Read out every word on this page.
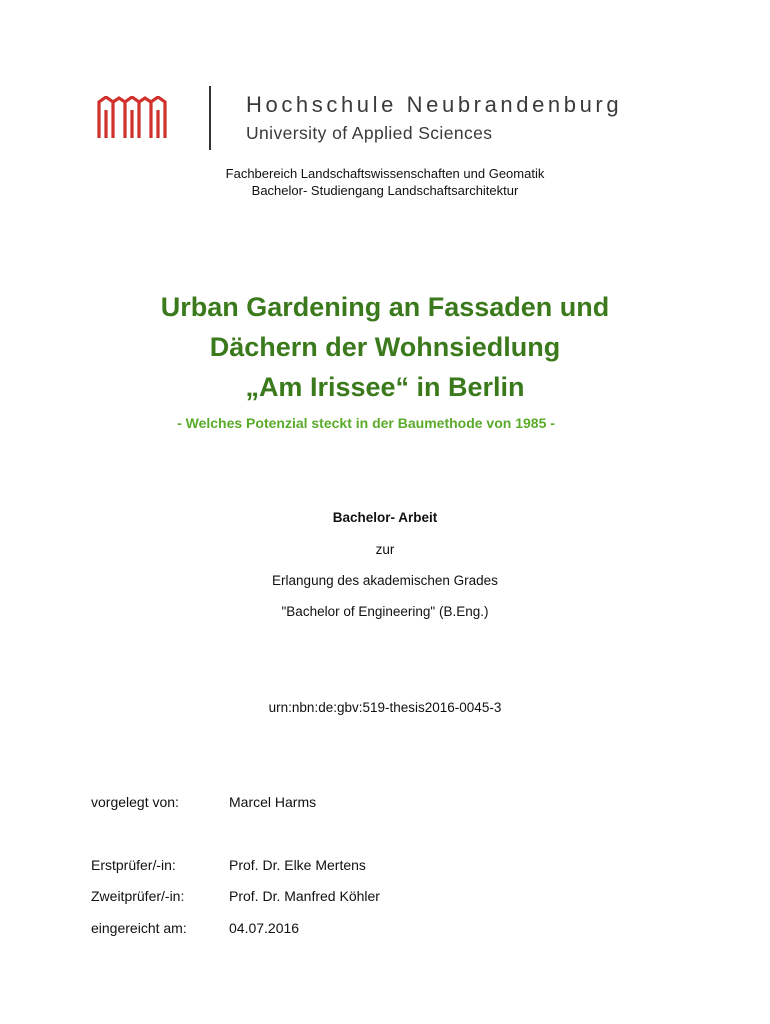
Hochschule Neubrandenburg
University of Applied Sciences
Fachbereich Landschaftswissenschaften und Geomatik
Bachelor- Studiengang Landschaftsarchitektur
Urban Gardening an Fassaden und
Dächern der Wohnsiedlung
„Am Irissee“ in Berlin
- Welches Potenzial steckt in der Baumethode von 1985 -
Bachelor- Arbeit
zur
Erlangung des akademischen Grades
"Bachelor of Engineering" (B.Eng.)
urn:nbn:de:gbv:519-thesis2016-0045-3
vorgelegt von:	Marcel Harms
Erstprüfer/-in:	Prof. Dr. Elke Mertens
Zweitprüfer/-in:	Prof. Dr. Manfred Köhler
eingereicht am:	04.07.2016
